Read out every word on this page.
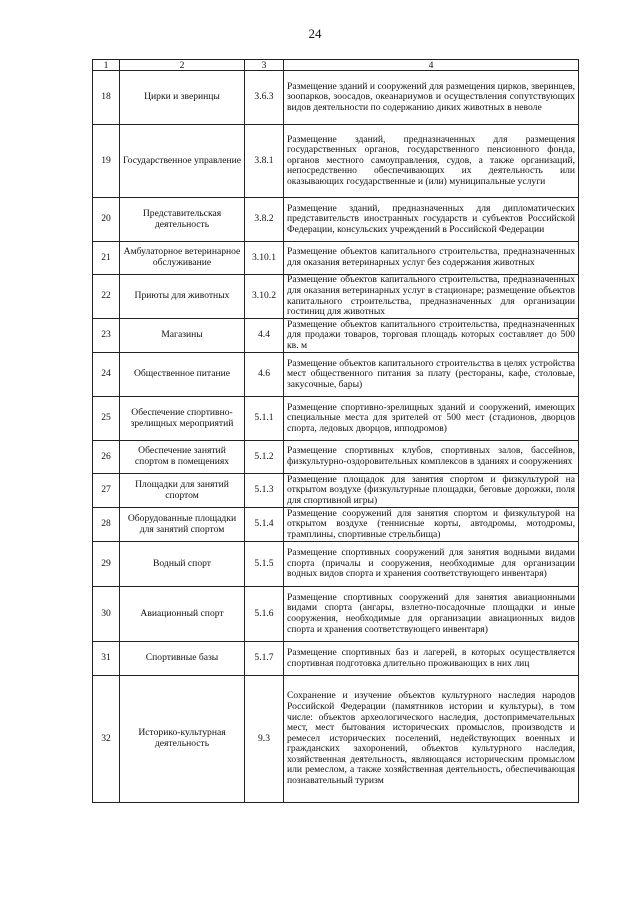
24
1	2	3	4
18	Цирки и зверинцы	3.6.3	Размещение зданий и сооружений для размещения цирков, зверинцев, зоопарков, зоосадов, океанариумов и осуществления сопутствующих видов деятельности по содержанию диких животных в неволе
19	Государственное управление	3.8.1	Размещение зданий, предназначенных для размещения государственных органов, государственного пенсионного фонда, органов местного самоуправления, судов, а также организаций, непосредственно обеспечивающих их деятельность или оказывающих государственные и (или) муниципальные услуги
20	Представительская деятельность	3.8.2	Размещение зданий, предназначенных для дипломатических представительств иностранных государств и субъектов Российской Федерации, консульских учреждений в Российской Федерации
21	Амбулаторное ветеринарное обслуживание	3.10.1	Размещение объектов капитального строительства, предназначенных для оказания ветеринарных услуг без содержания животных
22	Приюты для животных	3.10.2	Размещение объектов капитального строительства, предназначенных для оказания ветеринарных услуг в стационаре; размещение объектов капитального строительства, предназначенных для организации гостиниц для животных
23	Магазины	4.4	Размещение объектов капитального строительства, предназначенных для продажи товаров, торговая площадь которых составляет до 500 кв. м
24	Общественное питание	4.6	Размещение объектов капитального строительства в целях устройства мест общественного питания за плату (рестораны, кафе, столовые, закусочные, бары)
25	Обеспечение спортивно-зрелищных мероприятий	5.1.1	Размещение спортивно-зрелищных зданий и сооружений, имеющих специальные места для зрителей от 500 мест (стадионов, дворцов спорта, ледовых дворцов, ипподромов)
26	Обеспечение занятий спортом в помещениях	5.1.2	Размещение спортивных клубов, спортивных залов, бассейнов, физкультурно-оздоровительных комплексов в зданиях и сооружениях
27	Площадки для занятий спортом	5.1.3	Размещение площадок для занятия спортом и физкультурой на открытом воздухе (физкультурные площадки, беговые дорожки, поля для спортивной игры)
28	Оборудованные площадки для занятий спортом	5.1.4	Размещение сооружений для занятия спортом и физкультурой на открытом воздухе (теннисные корты, автодромы, мотодромы, трамплины, спортивные стрельбища)
29	Водный спорт	5.1.5	Размещение спортивных сооружений для занятия водными видами спорта (причалы и сооружения, необходимые для организации водных видов спорта и хранения соответствующего инвентаря)
30	Авиационный спорт	5.1.6	Размещение спортивных сооружений для занятия авиационными видами спорта (ангары, взлетно-посадочные площадки и иные сооружения, необходимые для организации авиационных видов спорта и хранения соответствующего инвентаря)
31	Спортивные базы	5.1.7	Размещение спортивных баз и лагерей, в которых осуществляется спортивная подготовка длительно проживающих в них лиц
32	Историко-культурная деятельность	9.3	Сохранение и изучение объектов культурного наследия народов Российской Федерации (памятников истории и культуры), в том числе: объектов археологического наследия, достопримечательных мест, мест бытования исторических промыслов, производств и ремесел исторических поселений, недействующих военных и гражданских захоронений, объектов культурного наследия, хозяйственная деятельность, являющаяся историческим промыслом или ремеслом, а также хозяйственная деятельность, обеспечивающая познавательный туризм
